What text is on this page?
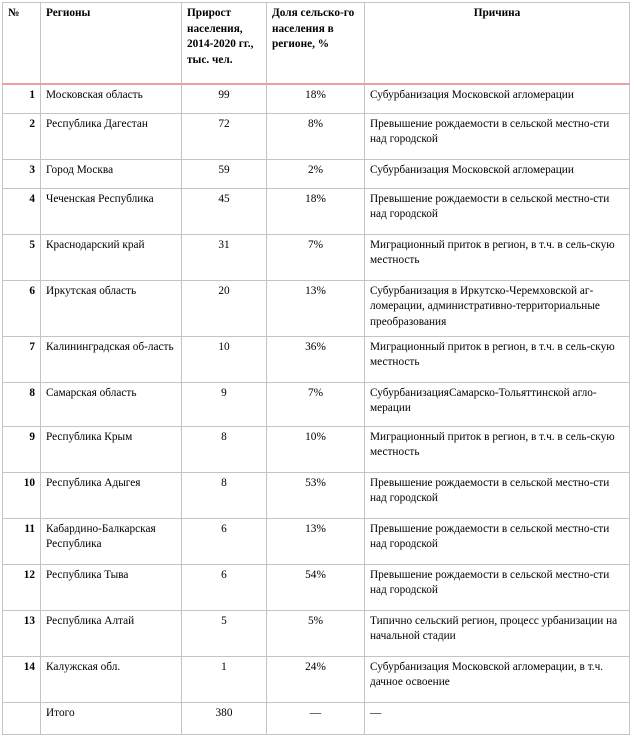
№	Регионы	Прирост населения, 2014-2020 гг., тыс. чел.	Доля сельско-го населения в регионе, %	Причина
1	Московская область	99	18%	Субурбанизация Московской агломерации
2	Республика Дагестан	72	8%	Превышение рождаемости в сельской местно-сти над городской
3	Город Москва	59	2%	Субурбанизация Московской агломерации
4	Чеченская Республика	45	18%	Превышение рождаемости в сельской местно-сти над городской
5	Краснодарский край	31	7%	Миграционный приток в регион, в т.ч. в сель-скую местность
6	Иркутская область	20	13%	Субурбанизация в Иркутско-Черемховской аг-ломерации, административно-территориальные преобразования
7	Калининградская об-ласть	10	36%	Миграционный приток в регион, в т.ч. в сель-скую местность
8	Самарская область	9	7%	СубурбанизацияСамарско-Тольяттинской агло-мерации
9	Республика Крым	8	10%	Миграционный приток в регион, в т.ч. в сель-скую местность
10	Республика Адыгея	8	53%	Превышение рождаемости в сельской местно-сти над городской
11	Кабардино-Балкарская Республика	6	13%	Превышение рождаемости в сельской местно-сти над городской
12	Республика Тыва	6	54%	Превышение рождаемости в сельской местно-сти над городской
13	Республика Алтай	5	5%	Типично сельский регион, процесс урбанизации на начальной стадии
14	Калужская обл.	1	24%	Субурбанизация Московской агломерации, в т.ч. дачное освоение
	Итого	380	—	—
